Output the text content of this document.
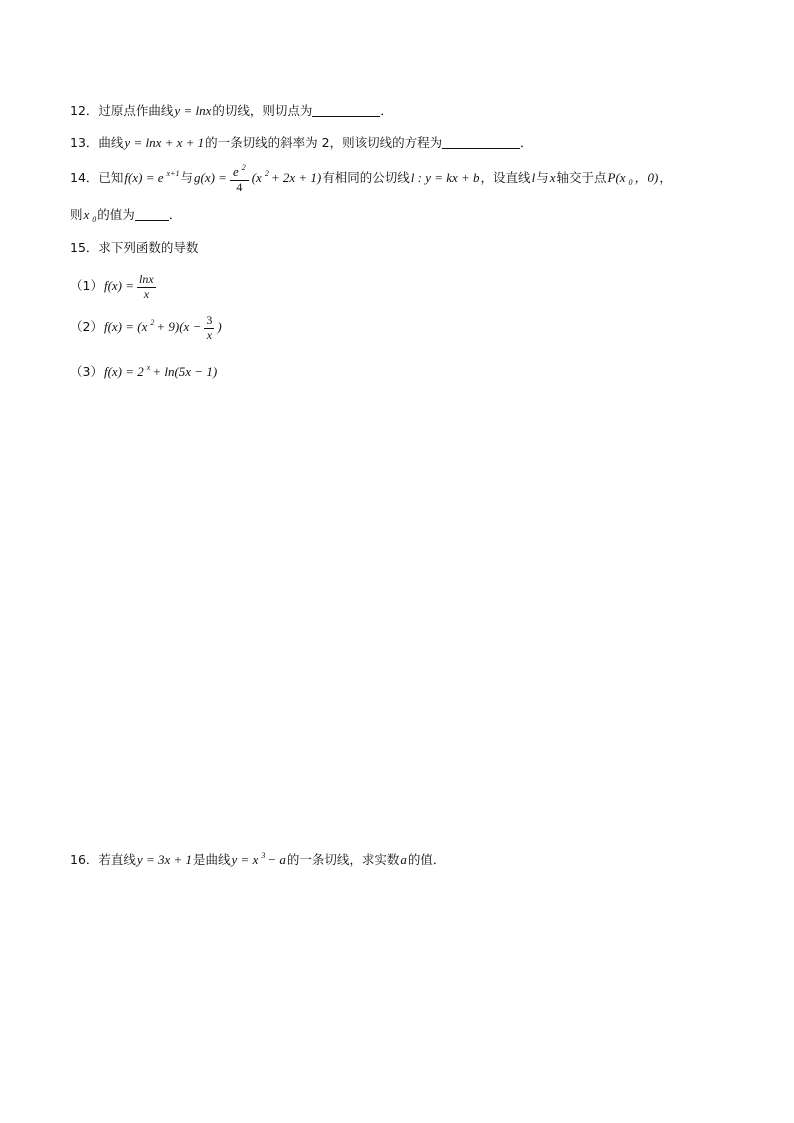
12．过原点作曲线y = lnx的切线，则切点为	．
13．曲线y = lnx + x + 1的一条切线的斜率为 2，则该切线的方程为	．
14．已知f(x) = e $^{x+1}$与$g(x) = \frac{e ^2}{4} (x$ $^2$ + 2x + 1)有相同的公切线l : y = kx + b，设直线l与x轴交于点P(x $_0$ ，0)，
则x $_0$的值为	．
15．求下列函数的导数
$(1)f(x) = \frac{\ln x}{x}$
（2）f(x) = (x $^2 + 9)(x - \frac{3}{x}$ )
（3）f(x) = 2 $^x$ + ln(5x − 1)
16．若直线y = 3x + 1是曲线y = x $^3$ − a的一条切线，求实数a的值．
